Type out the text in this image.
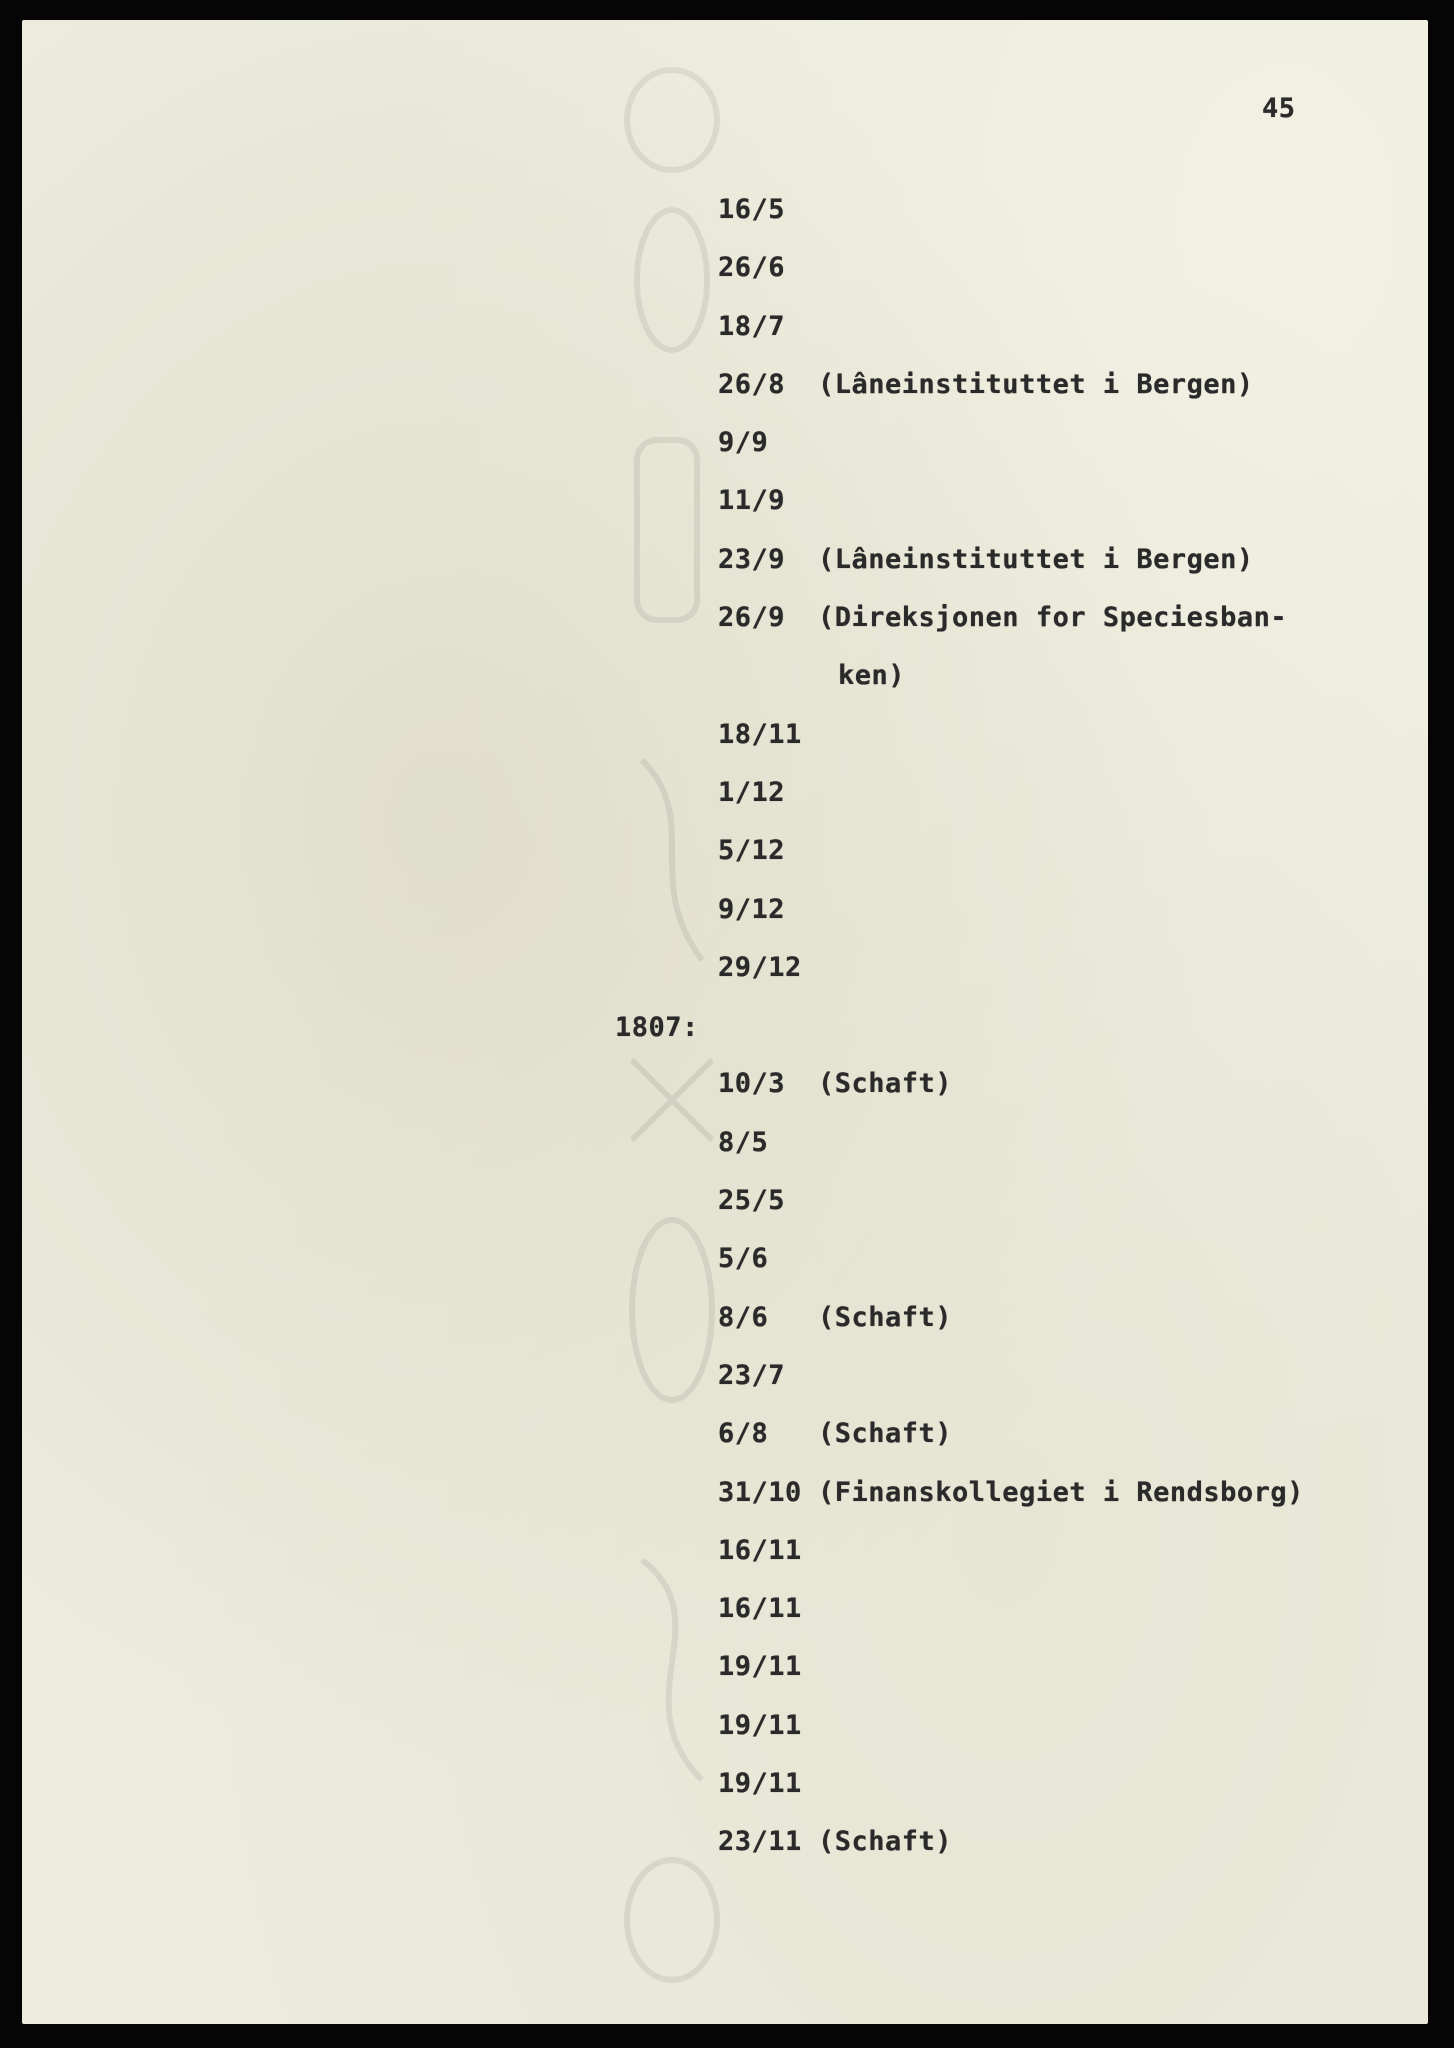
45
1807:
16/5
26/6
18/7
26/8 (Lâneinstituttet i Bergen)
9/9
11/9
23/9 (Lâneinstituttet i Bergen)
26/9 (Direksjonen for Speciesban-
ken)
18/11
1/12
5/12
9/12
29/12
10/3 (Schaft)
8/5
25/5
5/6
8/6 (Schaft)
23/7
6/8 (Schaft)
31/10 (Finanskollegiet i Rendsborg)
16/11
16/11
19/11
19/11
19/11
23/11 (Schaft)
